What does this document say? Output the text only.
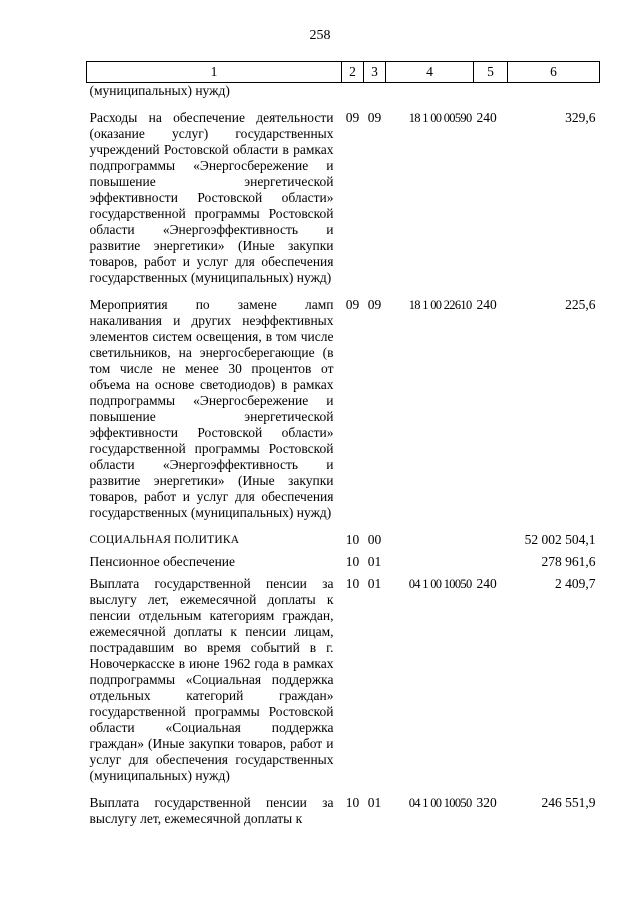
258
1	2	3	4	5	6
(муниципальных) нужд)					
Расходы на обеспечение деятельности (оказание услуг) государственных учреждений Ростовской области в рамках подпрограммы «Энергосбережение и повышение энергетической эффективности Ростовской области» государственной программы Ростовской области «Энергоэффективность и развитие энергетики» (Иные закупки товаров, работ и услуг для обеспечения государственных (муниципальных) нужд)	09	09	18 1 00 00590	240	329,6
Мероприятия по замене ламп накаливания и других неэффективных элементов систем освещения, в том числе светильников, на энергосберегающие (в том числе не менее 30 процентов от объема на основе светодиодов) в рамках подпрограммы «Энергосбережение и повышение энергетической эффективности Ростовской области» государственной программы Ростовской области «Энергоэффективность и развитие энергетики» (Иные закупки товаров, работ и услуг для обеспечения государственных (муниципальных) нужд)	09	09	18 1 00 22610	240	225,6
СОЦИАЛЬНАЯ ПОЛИТИКА	10	00			52 002 504,1
Пенсионное обеспечение	10	01			278 961,6
Выплата государственной пенсии за выслугу лет, ежемесячной доплаты к пенсии отдельным категориям граждан, ежемесячной доплаты к пенсии лицам, пострадавшим во время событий в г. Новочеркасске в июне 1962 года в рамках подпрограммы «Социальная поддержка отдельных категорий граждан» государственной программы Ростовской области «Социальная поддержка граждан» (Иные закупки товаров, работ и услуг для обеспечения государственных (муниципальных) нужд)	10	01	04 1 00 10050	240	2 409,7
Выплата государственной пенсии за выслугу лет, ежемесячной доплаты к	10	01	04 1 00 10050	320	246 551,9
